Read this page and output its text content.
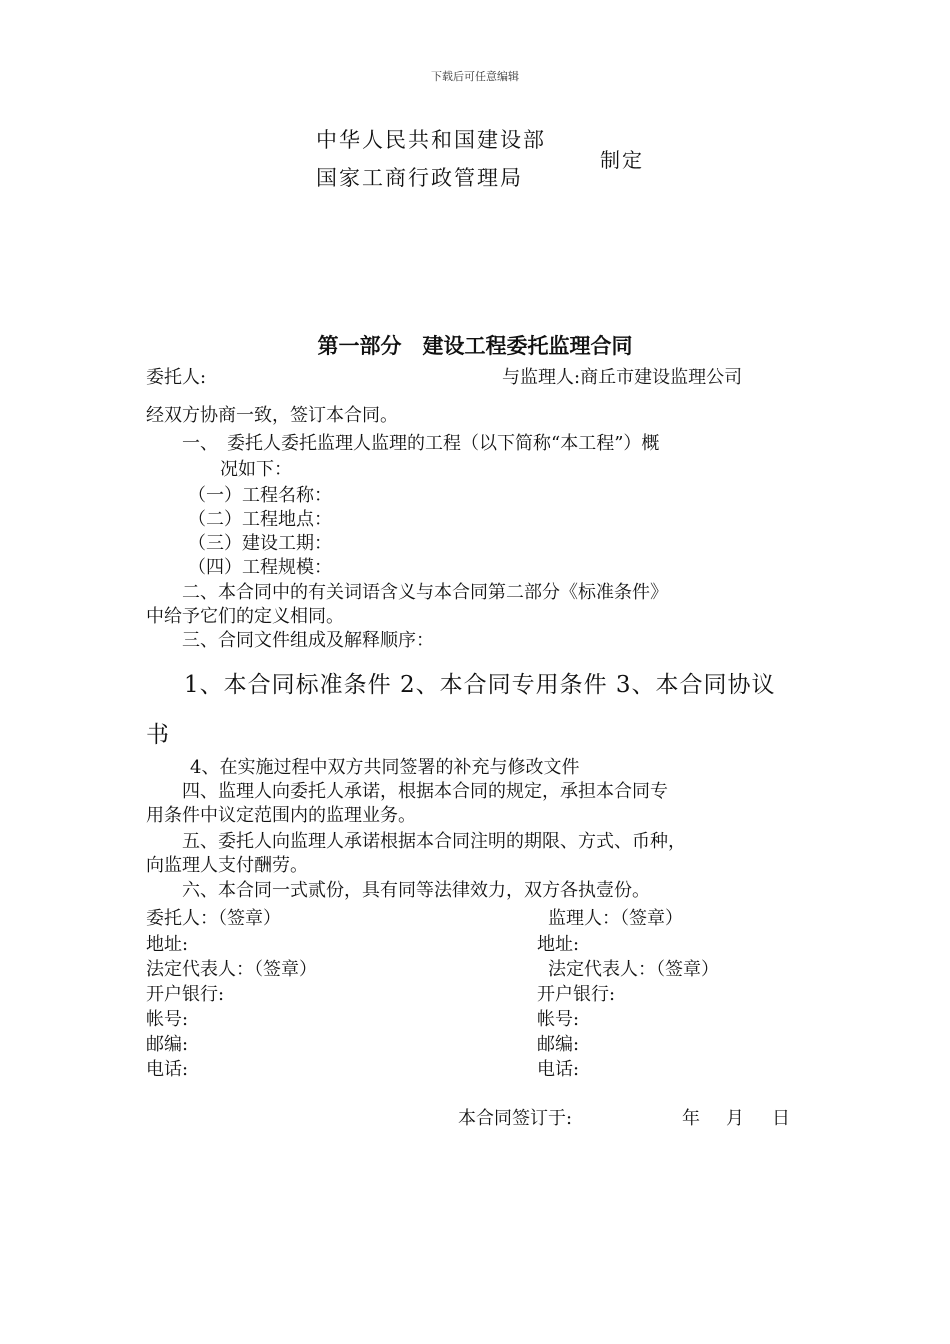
下载后可任意编辑
中华人民共和国建设部
国家工商行政管理局
制定
第一部分　建设工程委托监理合同
委托人:	与监理人:商丘市建设监理公司
经双方协商一致，签订本合同。
一、　委托人委托监理人监理的工程（以下简称“本工程”）概
况如下：
（一）工程名称：
（二）工程地点：
（三）建设工期：
（四）工程规模：
二、本合同中的有关词语含义与本合同第二部分《标准条件》
中给予它们的定义相同。
三、合同文件组成及解释顺序：
1、本合同标准条件 2、本合同专用条件 3、本合同协议
书
4、在实施过程中双方共同签署的补充与修改文件
四、监理人向委托人承诺，根据本合同的规定，承担本合同专
用条件中议定范围内的监理业务。
五、委托人向监理人承诺根据本合同注明的期限、方式、币种，
向监理人支付酬劳。
六、本合同一式贰份，具有同等法律效力，双方各执壹份。
委托人：（签章）
地址:
法定代表人：（签章）
开户银行:
帐号:
邮编:
电话:
监理人：（签章）
地址:
法定代表人：（签章）
开户银行:
帐号:
邮编:
电话:
本合同签订于:	年 月 日
